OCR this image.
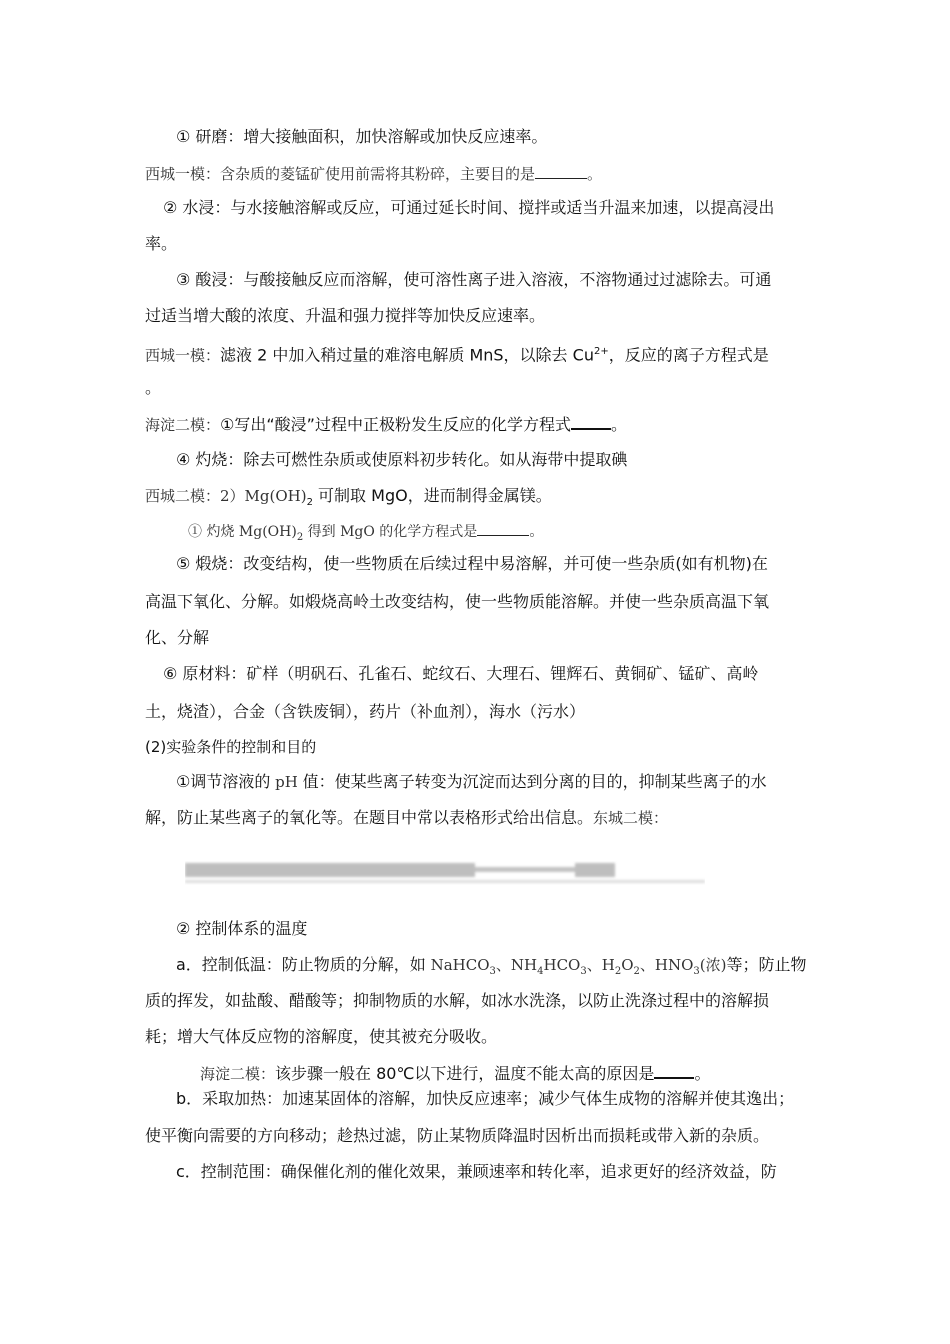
① 研磨：增大接触面积，加快溶解或加快反应速率。
西城一模：含杂质的菱锰矿使用前需将其粉碎，主要目的是	。
② 水浸：与水接触溶解或反应，可通过延长时间、搅拌或适当升温来加速，以提高浸出
率。
③ 酸浸：与酸接触反应而溶解，使可溶性离子进入溶液，不溶物通过过滤除去。可通
过适当增大酸的浓度、升温和强力搅拌等加快反应速率。
西城一模：滤液 2 中加入稍过量的难溶电解质 MnS，以除去 $Cu^{2+}$，反应的离子方程式是
。
海淀二模：①写出“酸浸”过程中正极粉发生反应的化学方程式	。
④ 灼烧：除去可燃性杂质或使原料初步转化。如从海带中提取碘
西城二模：$2)Mg(OH)_2$ 可制取 MgO，进而制得金属镁。
① 灼烧 $Mg(OH)_2$ 得到 MgO 的化学方程式是	。
⑤ 煅烧：改变结构，使一些物质在后续过程中易溶解，并可使一些杂质(如有机物)在
高温下氧化、分解。如煅烧高岭土改变结构，使一些物质能溶解。并使一些杂质高温下氧
化、分解
⑥ 原材料：矿样（明矾石、孔雀石、蛇纹石、大理石、锂辉石、黄铜矿、锰矿、高岭
土，烧渣），合金（含铁废铜），药片（补血剂），海水（污水）
(2)实验条件的控制和目的
①调节溶液的 pH 值：使某些离子转变为沉淀而达到分离的目的，抑制某些离子的水
解，防止某些离子的氧化等。在题目中常以表格形式给出信息。东城二模：
② 控制体系的温度
a．控制低温：防止物质的分解，如 NaHCO$_3$、$NH_4HCO_3$、$H_2O_2$、$HNO_3$(浓)等；防止物
质的挥发，如盐酸、醋酸等；抑制物质的水解，如冰水洗涤，以防止洗涤过程中的溶解损
耗；增大气体反应物的溶解度，使其被充分吸收。
海淀二模：该步骤一般在 80℃以下进行，温度不能太高的原因是	。
b．采取加热：加速某固体的溶解，加快反应速率；减少气体生成物的溶解并使其逸出；
使平衡向需要的方向移动；趁热过滤，防止某物质降温时因析出而损耗或带入新的杂质。
c．控制范围：确保催化剂的催化效果，兼顾速率和转化率，追求更好的经济效益，防
